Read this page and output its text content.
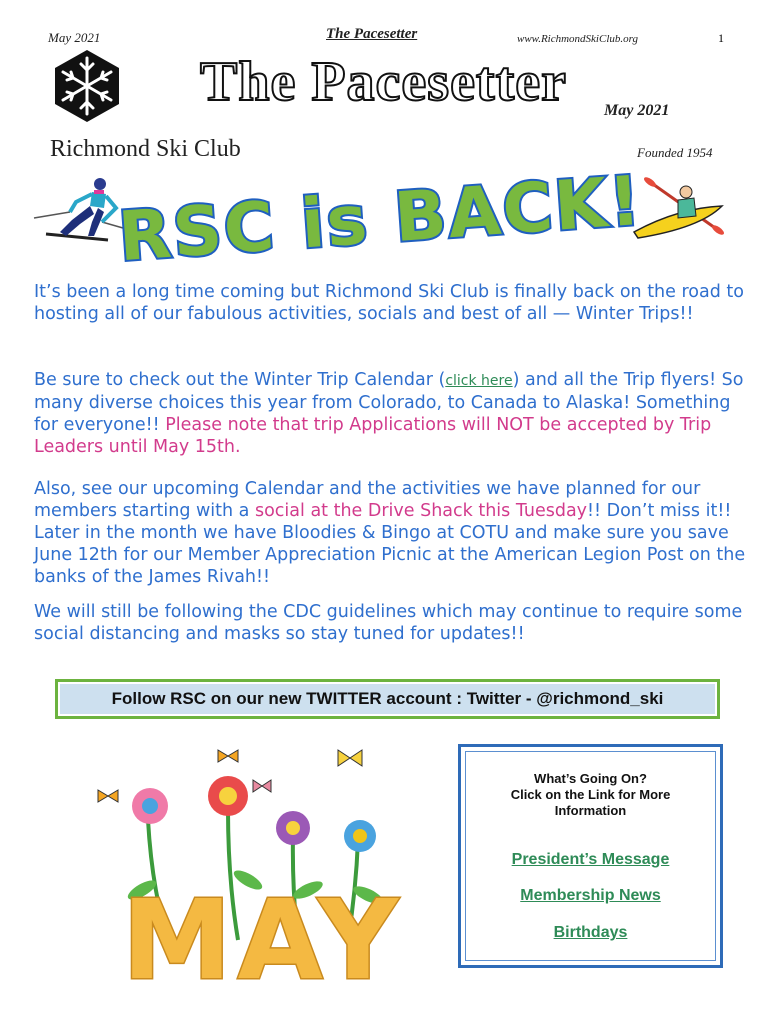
May 2021	The Pacesetter	www.RichmondSkiClub.org	1
The Pacesetter May 2021
Richmond Ski Club	Founded 1954
RSC is BACK!
It’s been a long time coming but Richmond Ski Club is finally back on the road to hosting all of our fabulous activities, socials and best of all — Winter Trips!!
Be sure to check out the Winter Trip Calendar (click here) and all the Trip flyers! So many diverse choices this year from Colorado, to Canada to Alaska! Something for everyone!! Please note that trip Applications will NOT be accepted by Trip Leaders until May 15th.
Also, see our upcoming Calendar and the activities we have planned for our members starting with a social at the Drive Shack this Tuesday!! Don’t miss it!! Later in the month we have Bloodies & Bingo at COTU and make sure you save June 12th for our Member Appreciation Picnic at the American Legion Post on the banks of the James Rivah!!
We will still be following the CDC guidelines which may continue to require some social distancing and masks so stay tuned for updates!!
Follow RSC on our new TWITTER account : Twitter - @richmond_ski
MAY
What’s Going On?
Click on the Link for More
Information
President’s Message
Membership News
Birthdays
